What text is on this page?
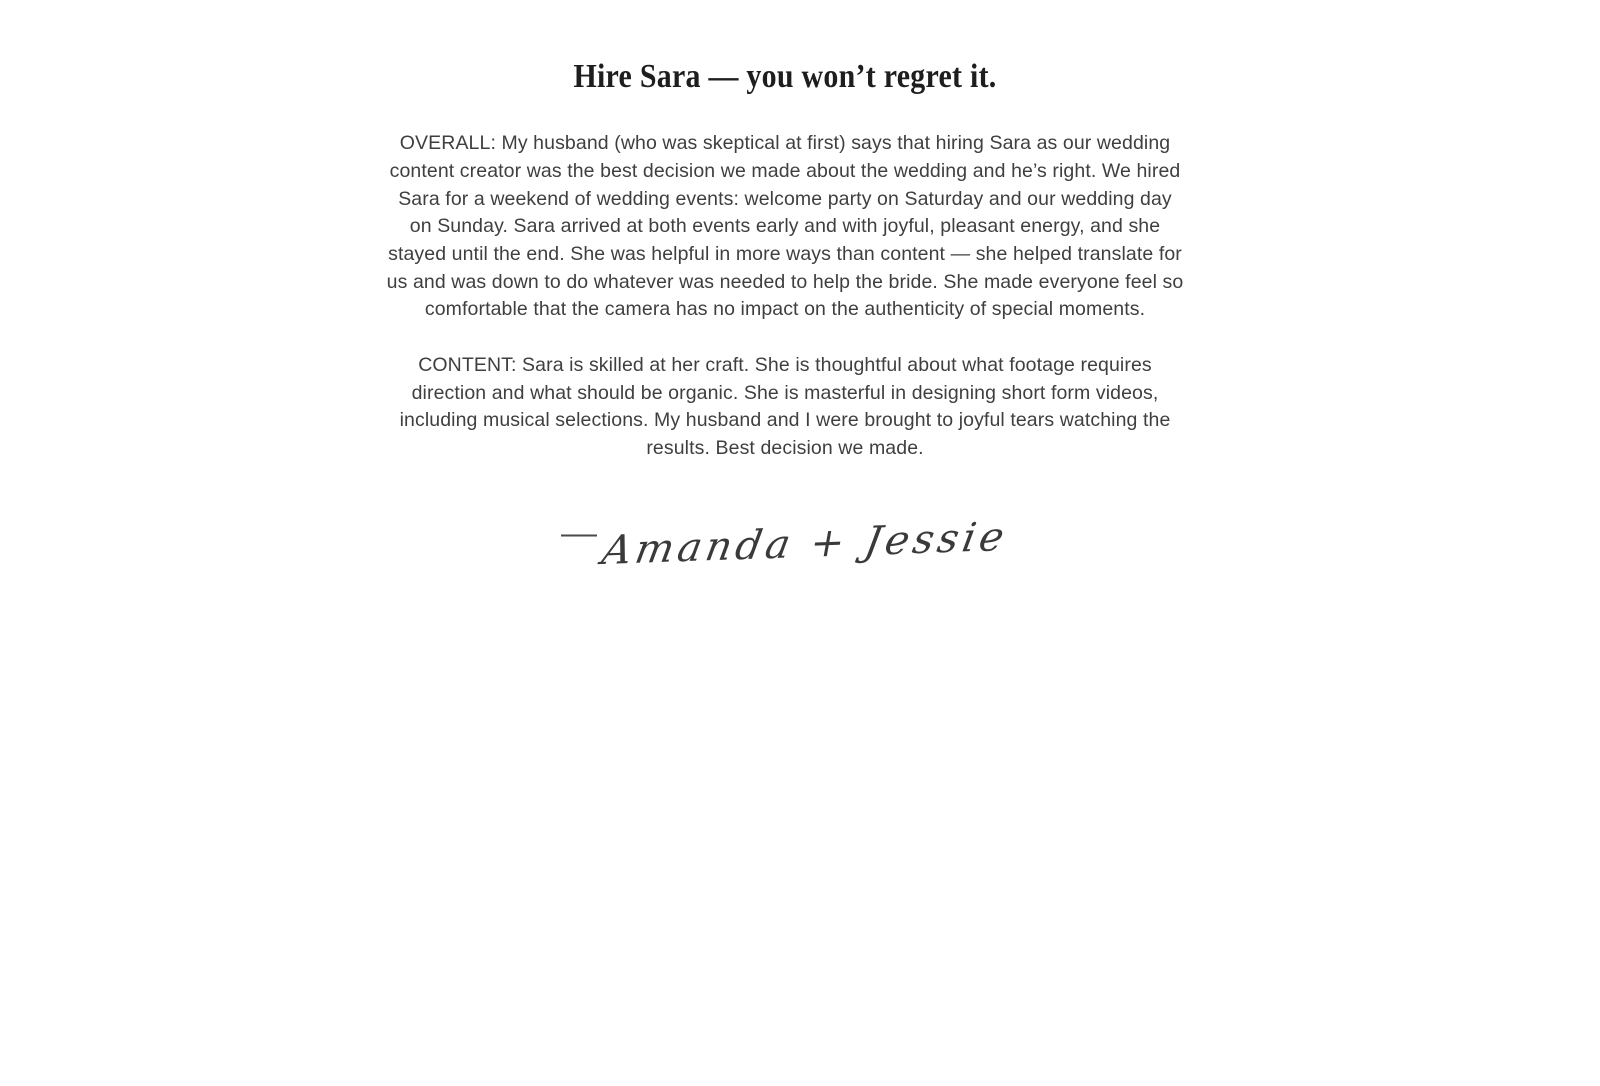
Hire Sara — you won’t regret it.

OVERALL: My husband (who was skeptical at first) says that hiring Sara as our wedding content creator was the best decision we made about the wedding and he’s right. We hired Sara for a weekend of wedding events: welcome party on Saturday and our wedding day on Sunday. Sara arrived at both events early and with joyful, pleasant energy, and she stayed until the end. She was helpful in more ways than content — she helped translate for us and was down to do whatever was needed to help the bride. She made everyone feel so comfortable that the camera has no impact on the authenticity of special moments.

CONTENT: Sara is skilled at her craft. She is thoughtful about what footage requires direction and what should be organic. She is masterful in designing short form videos, including musical selections. My husband and I were brought to joyful tears watching the results. Best decision we made.

—Amanda + Jessie
